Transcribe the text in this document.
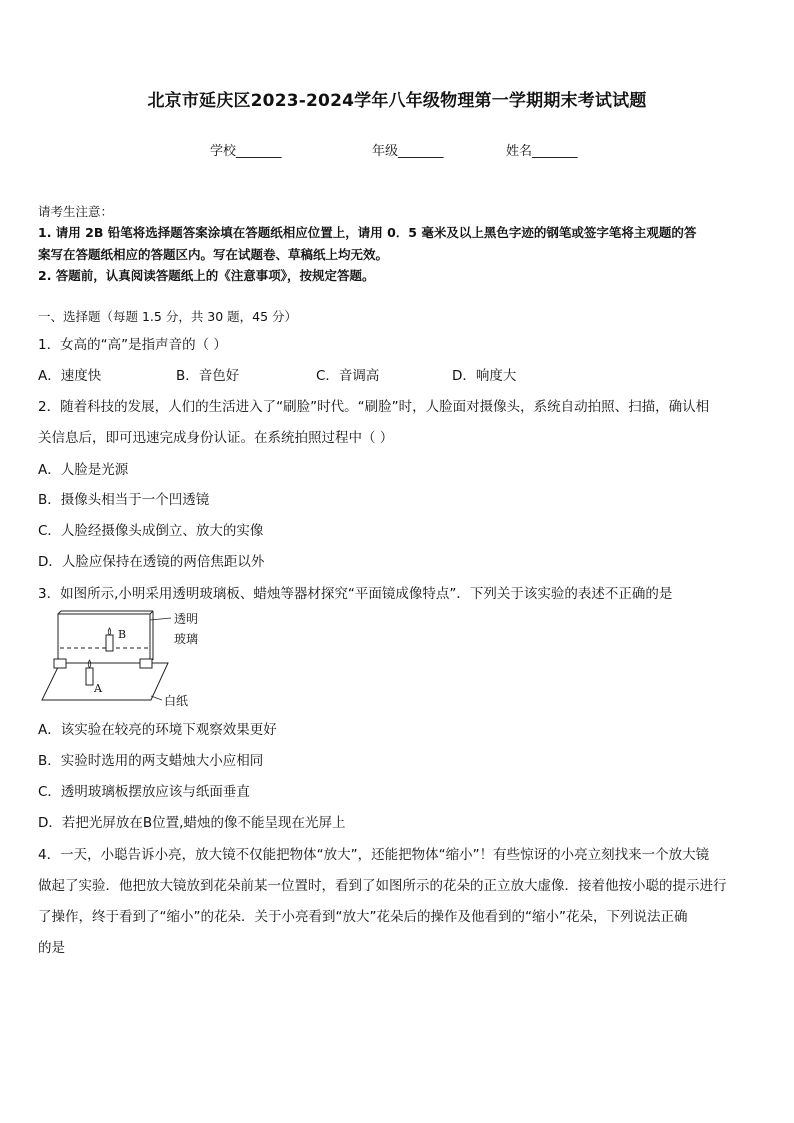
北京市延庆区2023-2024学年八年级物理第一学期期末考试试题
学校_______	年级_______	姓名_______
请考生注意：
1. 请用 2B 铅笔将选择题答案涂填在答题纸相应位置上，请用 0．5 毫米及以上黑色字迹的钢笔或签字笔将主观题的答
案写在答题纸相应的答题区内。写在试题卷、草稿纸上均无效。
2. 答题前，认真阅读答题纸上的《注意事项》，按规定答题。
一、选择题（每题 1.5 分，共 30 题，45 分）
1．女高的“高”是指声音的（ ）
A．速度快	B．音色好	C．音调高	D．响度大
2．随着科技的发展，人们的生活进入了“刷脸”时代。“刷脸”时，人脸面对摄像头，系统自动拍照、扫描，确认相
关信息后，即可迅速完成身份认证。在系统拍照过程中（ ）
A．人脸是光源
B．摄像头相当于一个凹透镜
C．人脸经摄像头成倒立、放大的实像
D．人脸应保持在透镜的两倍焦距以外
3．如图所示,小明采用透明玻璃板、蜡烛等器材探究“平面镜成像特点”．下列关于该实验的表述不正确的是
B
A
透明
玻璃
白纸
A．该实验在较亮的环境下观察效果更好
B．实验时选用的两支蜡烛大小应相同
C．透明玻璃板摆放应该与纸面垂直
D．若把光屏放在B位置,蜡烛的像不能呈现在光屏上
4．一天，小聪告诉小亮，放大镜不仅能把物体“放大”，还能把物体“缩小”！有些惊讶的小亮立刻找来一个放大镜
做起了实验．他把放大镜放到花朵前某一位置时，看到了如图所示的花朵的正立放大虚像．接着他按小聪的提示进行
了操作，终于看到了“缩小”的花朵．关于小亮看到“放大”花朵后的操作及他看到的“缩小”花朵，下列说法正确
的是
